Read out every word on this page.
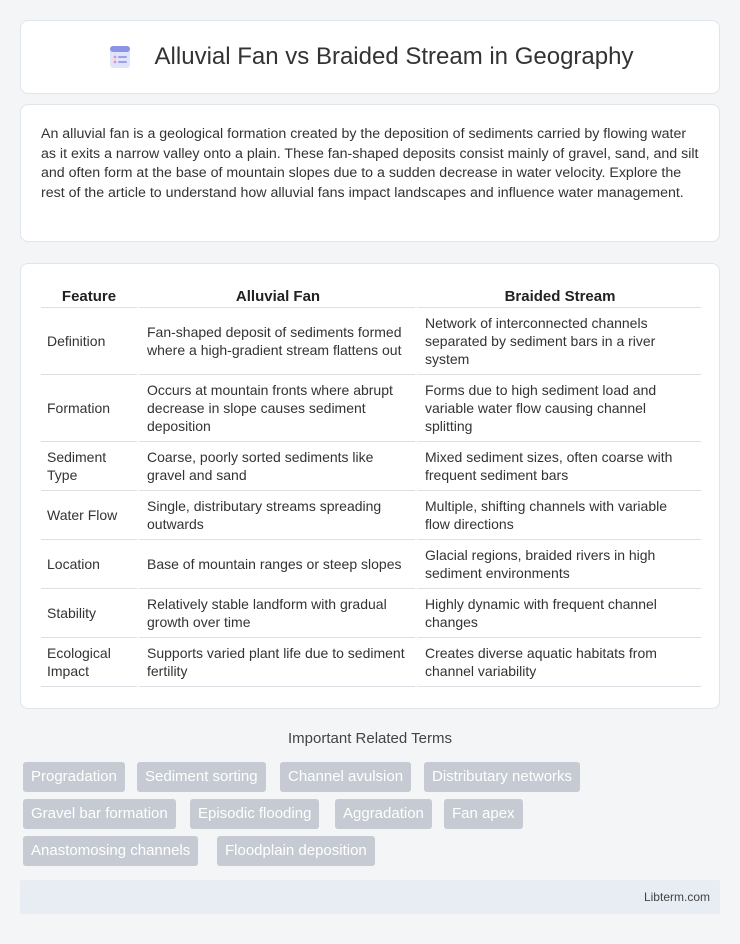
Alluvial Fan vs Braided Stream in Geography

An alluvial fan is a geological formation created by the deposition of sediments carried by flowing water as it exits a narrow valley onto a plain. These fan-shaped deposits consist mainly of gravel, sand, and silt and often form at the base of mountain slopes due to a sudden decrease in water velocity. Explore the rest of the article to understand how alluvial fans impact landscapes and influence water management.

Feature	Alluvial Fan	Braided Stream
Definition	Fan-shaped deposit of sediments formed where a high-gradient stream flattens out	Network of interconnected channels separated by sediment bars in a river system
Formation	Occurs at mountain fronts where abrupt decrease in slope causes sediment deposition	Forms due to high sediment load and variable water flow causing channel splitting
Sediment Type	Coarse, poorly sorted sediments like gravel and sand	Mixed sediment sizes, often coarse with frequent sediment bars
Water Flow	Single, distributary streams spreading outwards	Multiple, shifting channels with variable flow directions
Location	Base of mountain ranges or steep slopes	Glacial regions, braided rivers in high sediment environments
Stability	Relatively stable landform with gradual growth over time	Highly dynamic with frequent channel changes
Ecological Impact	Supports varied plant life due to sediment fertility	Creates diverse aquatic habitats from channel variability
Important Related Terms
Progradation	Sediment sorting	Channel avulsion	Distributary networks
Gravel bar formation	Episodic flooding	Aggradation	Fan apex
Anastomosing channels	Floodplain deposition
Libterm.com
